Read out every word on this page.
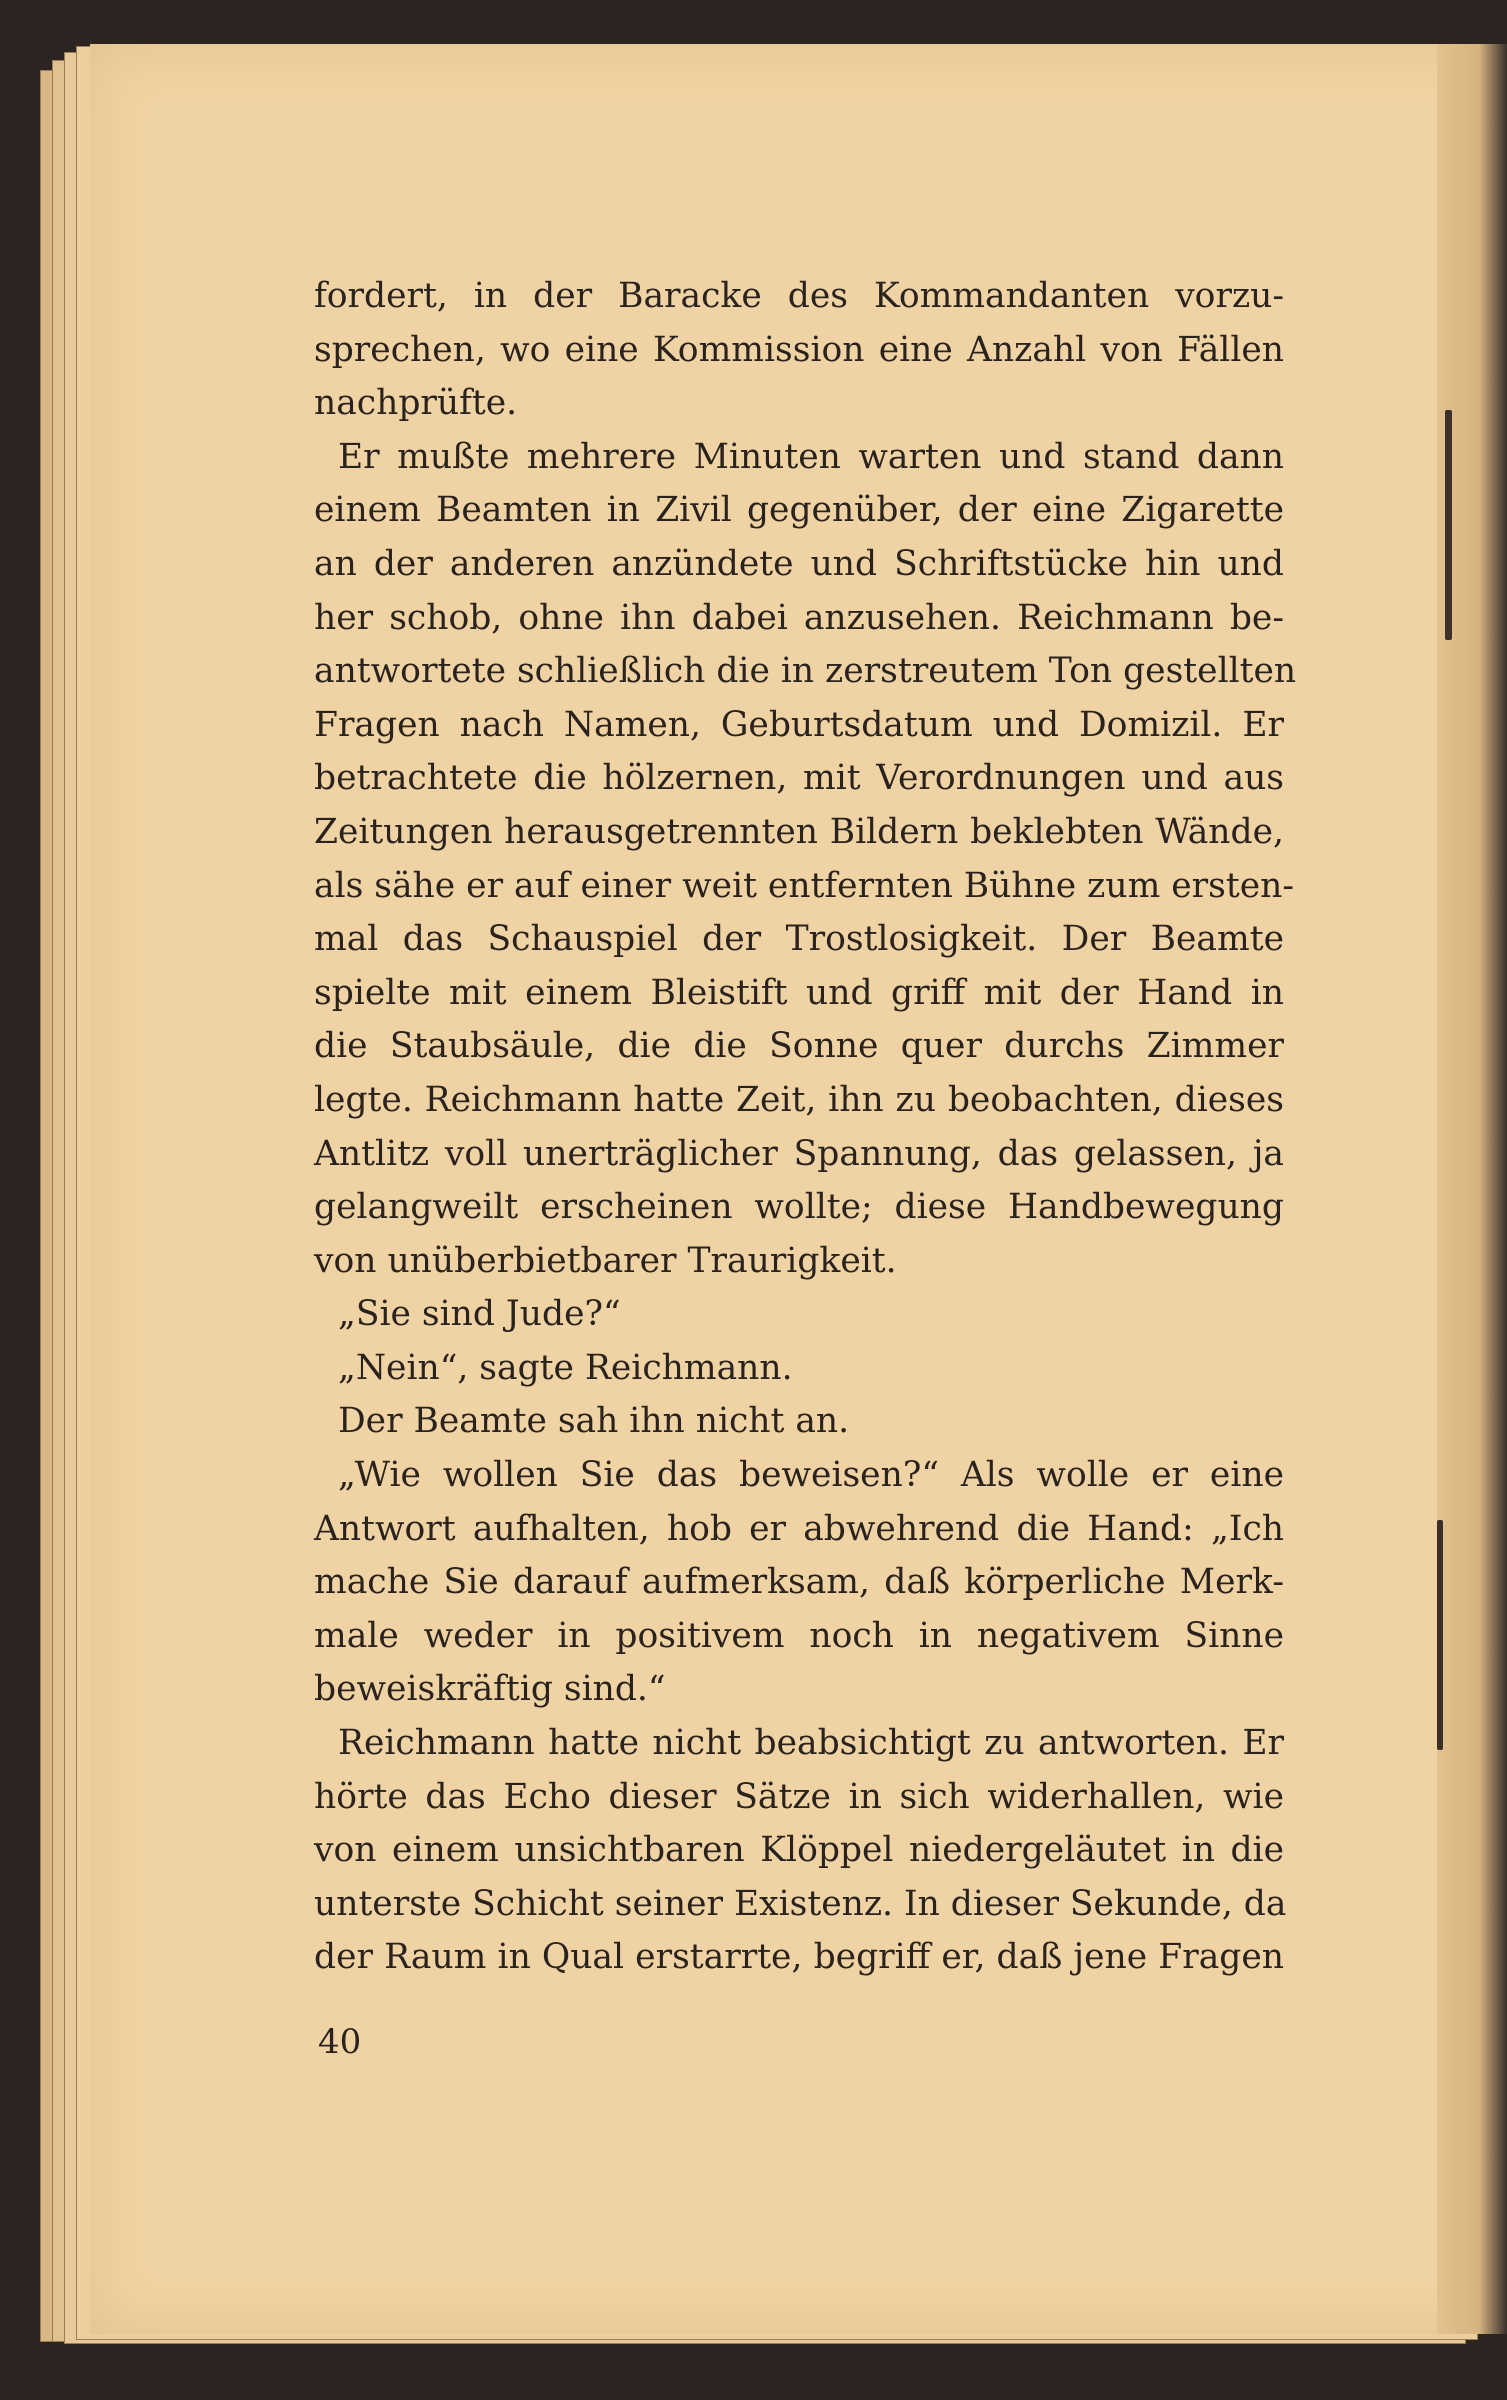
fordert, in der Baracke des Kommandanten vorzu-
sprechen, wo eine Kommission eine Anzahl von Fällen
nachprüfte.
Er mußte mehrere Minuten warten und stand dann
einem Beamten in Zivil gegenüber, der eine Zigarette
an der anderen anzündete und Schriftstücke hin und
her schob, ohne ihn dabei anzusehen. Reichmann be-
antwortete schließlich die in zerstreutem Ton gestellten
Fragen nach Namen, Geburtsdatum und Domizil. Er
betrachtete die hölzernen, mit Verordnungen und aus
Zeitungen herausgetrennten Bildern beklebten Wände,
als sähe er auf einer weit entfernten Bühne zum ersten-
mal das Schauspiel der Trostlosigkeit. Der Beamte
spielte mit einem Bleistift und griff mit der Hand in
die Staubsäule, die die Sonne quer durchs Zimmer
legte. Reichmann hatte Zeit, ihn zu beobachten, dieses
Antlitz voll unerträglicher Spannung, das gelassen, ja
gelangweilt erscheinen wollte; diese Handbewegung
von unüberbietbarer Traurigkeit.
„Sie sind Jude?“
„Nein“, sagte Reichmann.
Der Beamte sah ihn nicht an.
„Wie wollen Sie das beweisen?“ Als wolle er eine
Antwort aufhalten, hob er abwehrend die Hand: „Ich
mache Sie darauf aufmerksam, daß körperliche Merk-
male weder in positivem noch in negativem Sinne
beweiskräftig sind.“
Reichmann hatte nicht beabsichtigt zu antworten. Er
hörte das Echo dieser Sätze in sich widerhallen, wie
von einem unsichtbaren Klöppel niedergeläutet in die
unterste Schicht seiner Existenz. In dieser Sekunde, da
der Raum in Qual erstarrte, begriff er, daß jene Fragen
40
